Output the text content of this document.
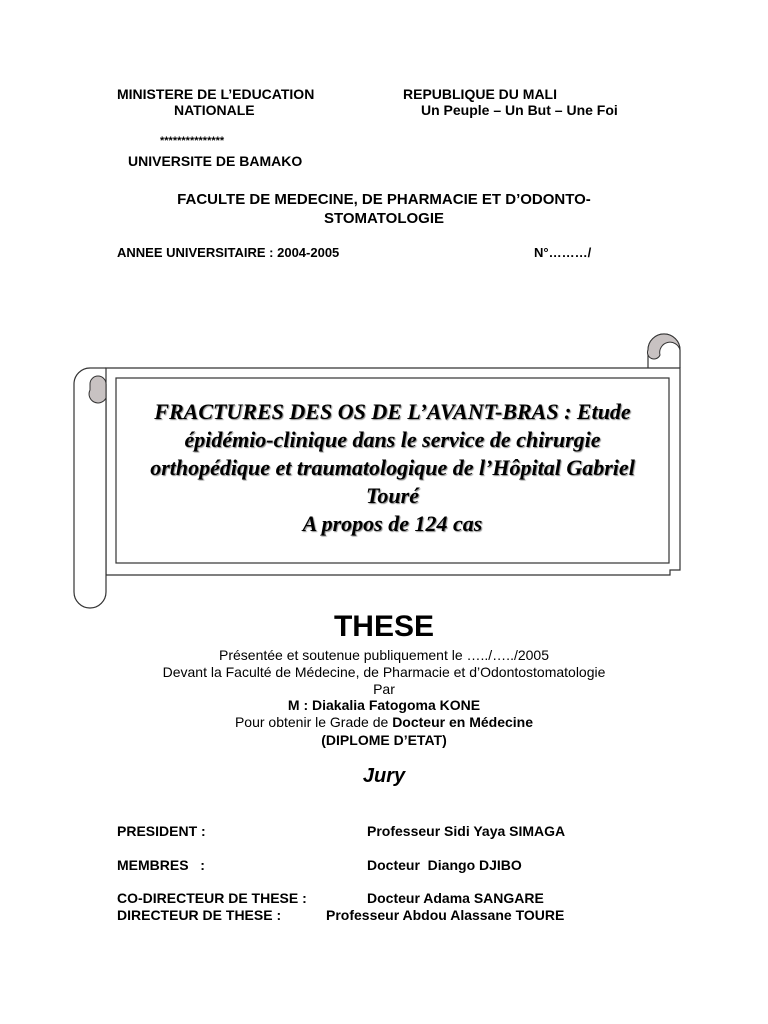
MINISTERE DE L’EDUCATION
NATIONALE
REPUBLIQUE DU MALI
Un Peuple – Un But – Une Foi
***************
UNIVERSITE DE BAMAKO
FACULTE DE MEDECINE, DE PHARMACIE ET D’ODONTO-
STOMATOLOGIE
ANNEE UNIVERSITAIRE : 2004-2005	N°………/
FRACTURES DES OS DE L’AVANT-BRAS : Etude
épidémio-clinique dans le service de chirurgie
orthopédique et traumatologique de l’Hôpital Gabriel
Touré
A propos de 124 cas
THESE
Présentée et soutenue publiquement le …../…../2005
Devant la Faculté de Médecine, de Pharmacie et d’Odontostomatologie
Par
M : Diakalia Fatogoma KONE
Pour obtenir le Grade de Docteur en Médecine
(DIPLOME D’ETAT)
Jury
PRESIDENT :	Professeur Sidi Yaya SIMAGA
MEMBRES   :	Docteur  Diango DJIBO
CO-DIRECTEUR DE THESE :	Docteur Adama SANGARE
DIRECTEUR DE THESE :	Professeur Abdou Alassane TOURE
